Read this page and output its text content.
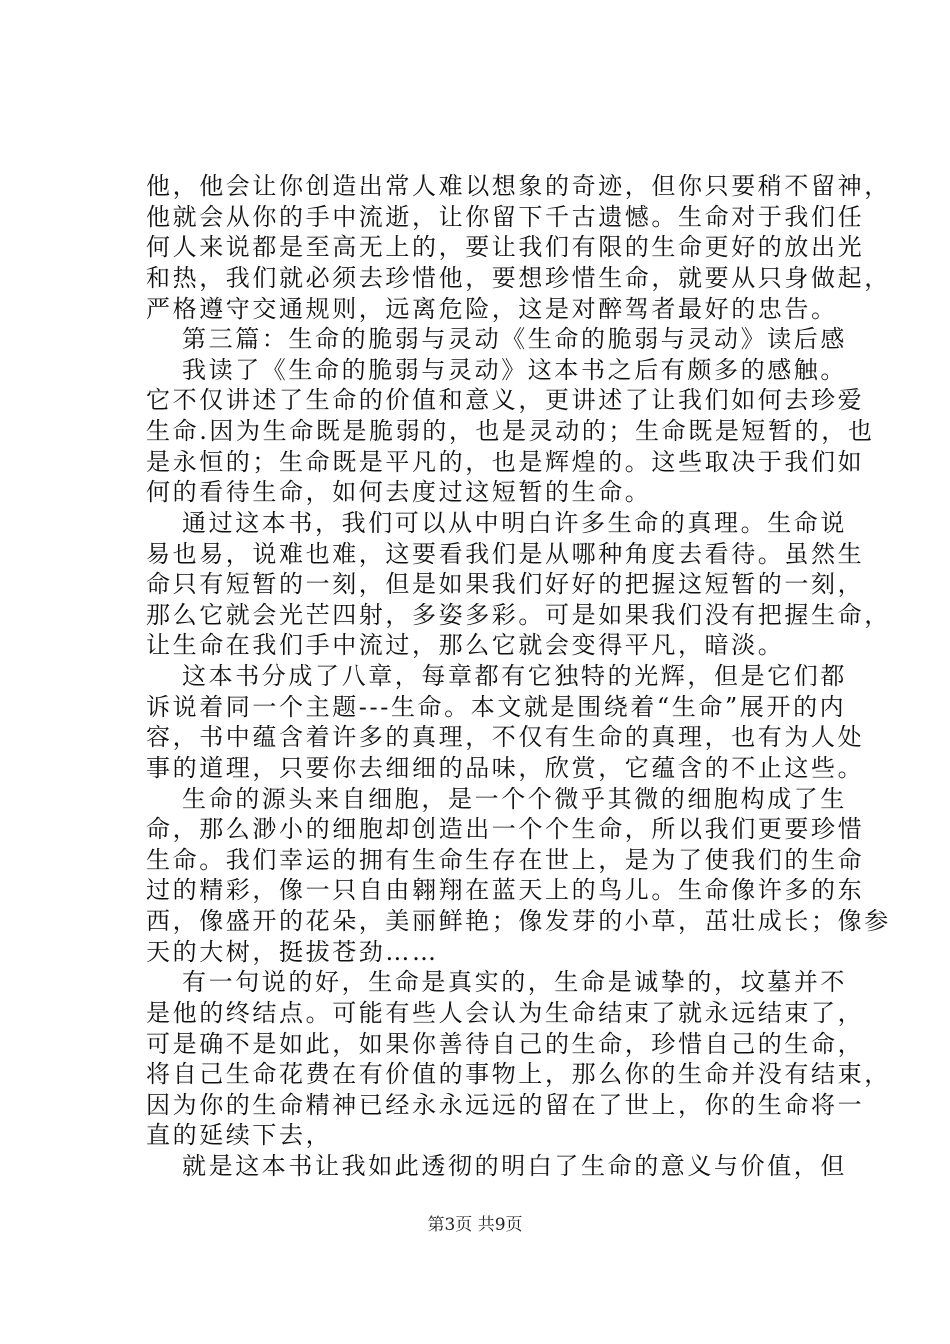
他，他会让你创造出常人难以想象的奇迹，但你只要稍不留神，
他就会从你的手中流逝，让你留下千古遗憾。生命对于我们任
何人来说都是至高无上的，要让我们有限的生命更好的放出光
和热，我们就必须去珍惜他，要想珍惜生命，就要从只身做起，
严格遵守交通规则，远离危险，这是对醉驾者最好的忠告。
第三篇：生命的脆弱与灵动《生命的脆弱与灵动》读后感
我读了《生命的脆弱与灵动》这本书之后有颇多的感触。
它不仅讲述了生命的价值和意义，更讲述了让我们如何去珍爱
生命.因为生命既是脆弱的，也是灵动的；生命既是短暂的，也
是永恒的；生命既是平凡的，也是辉煌的。这些取决于我们如
何的看待生命，如何去度过这短暂的生命。
通过这本书，我们可以从中明白许多生命的真理。生命说
易也易，说难也难，这要看我们是从哪种角度去看待。虽然生
命只有短暂的一刻，但是如果我们好好的把握这短暂的一刻，
那么它就会光芒四射，多姿多彩。可是如果我们没有把握生命，
让生命在我们手中流过，那么它就会变得平凡，暗淡。
这本书分成了八章，每章都有它独特的光辉，但是它们都
诉说着同一个主题---生命。本文就是围绕着“生命”展开的内
容，书中蕴含着许多的真理，不仅有生命的真理，也有为人处
事的道理，只要你去细细的品味，欣赏，它蕴含的不止这些。
生命的源头来自细胞，是一个个微乎其微的细胞构成了生
命，那么渺小的细胞却创造出一个个生命，所以我们更要珍惜
生命。我们幸运的拥有生命生存在世上，是为了使我们的生命
过的精彩，像一只自由翱翔在蓝天上的鸟儿。生命像许多的东
西，像盛开的花朵，美丽鲜艳；像发芽的小草，茁壮成长；像参
天的大树，挺拔苍劲……
有一句说的好，生命是真实的，生命是诚挚的，坟墓并不
是他的终结点。可能有些人会认为生命结束了就永远结束了，
可是确不是如此，如果你善待自己的生命，珍惜自己的生命，
将自己生命花费在有价值的事物上，那么你的生命并没有结束，
因为你的生命精神已经永永远远的留在了世上，你的生命将一
直的延续下去，
就是这本书让我如此透彻的明白了生命的意义与价值，但
第3页 共9页
